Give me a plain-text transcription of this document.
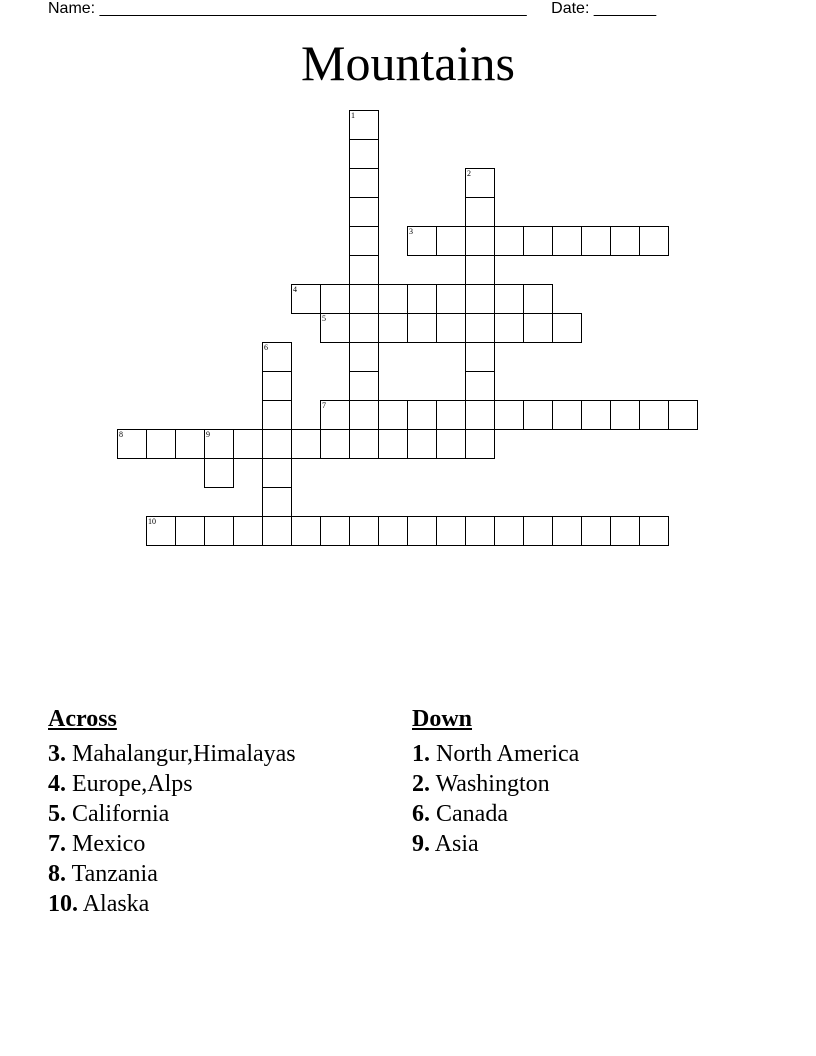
Name: ________________________________________________ Date: _______
Mountains
1
2
3
4
5
6
7
8	9
10
Across
3. Mahalangur,Himalayas
4. Europe,Alps
5. California
7. Mexico
8. Tanzania
10. Alaska
Down
1. North America
2. Washington
6. Canada
9. Asia
